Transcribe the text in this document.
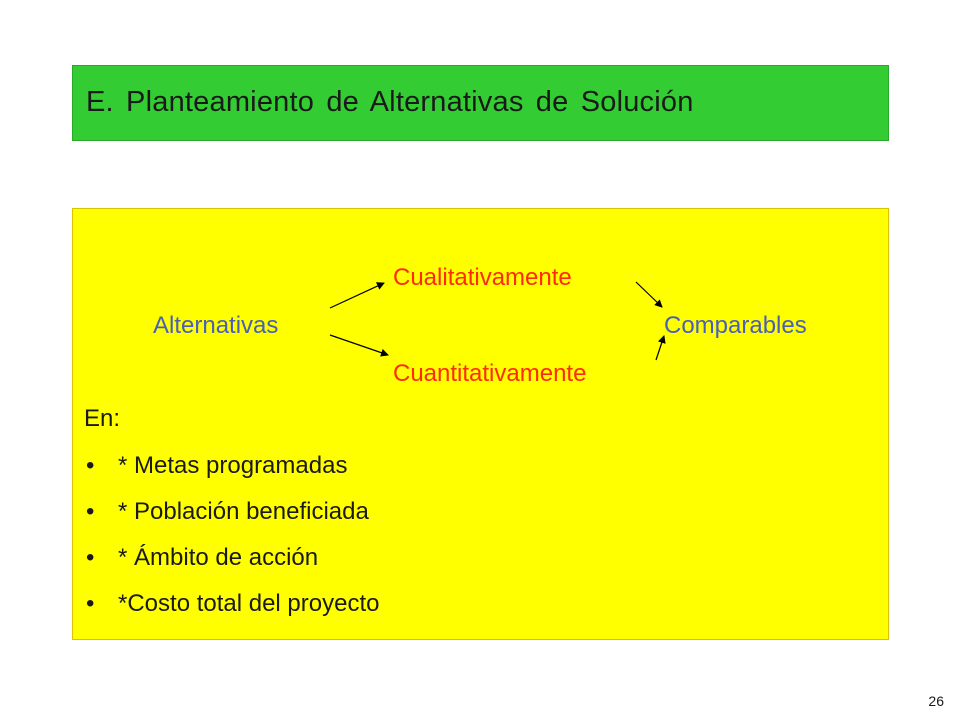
E. Planteamiento de Alternativas de Solución
Cualitativamente
Alternativas	Comparables
Cuantitativamente
En:
• * Metas programadas
• * Población beneficiada
• * Ámbito de acción
• *Costo total del proyecto
26
